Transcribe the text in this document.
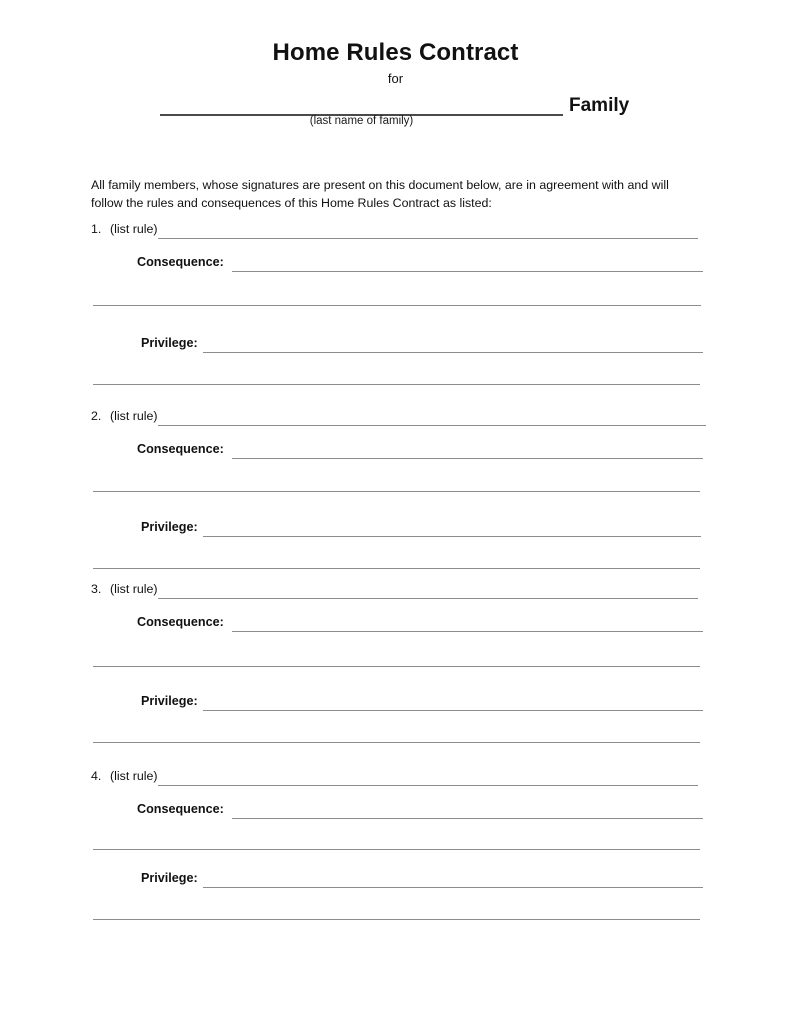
Home Rules Contract
for
Family
(last name of family)
All family members, whose signatures are present on this document below, are in agreement with and will follow the rules and consequences of this Home Rules Contract as listed:
1. (list rule)
Consequence:
Privilege:
2. (list rule)
Consequence:
Privilege:
3. (list rule)
Consequence:
Privilege:
4. (list rule)
Consequence:
Privilege:
